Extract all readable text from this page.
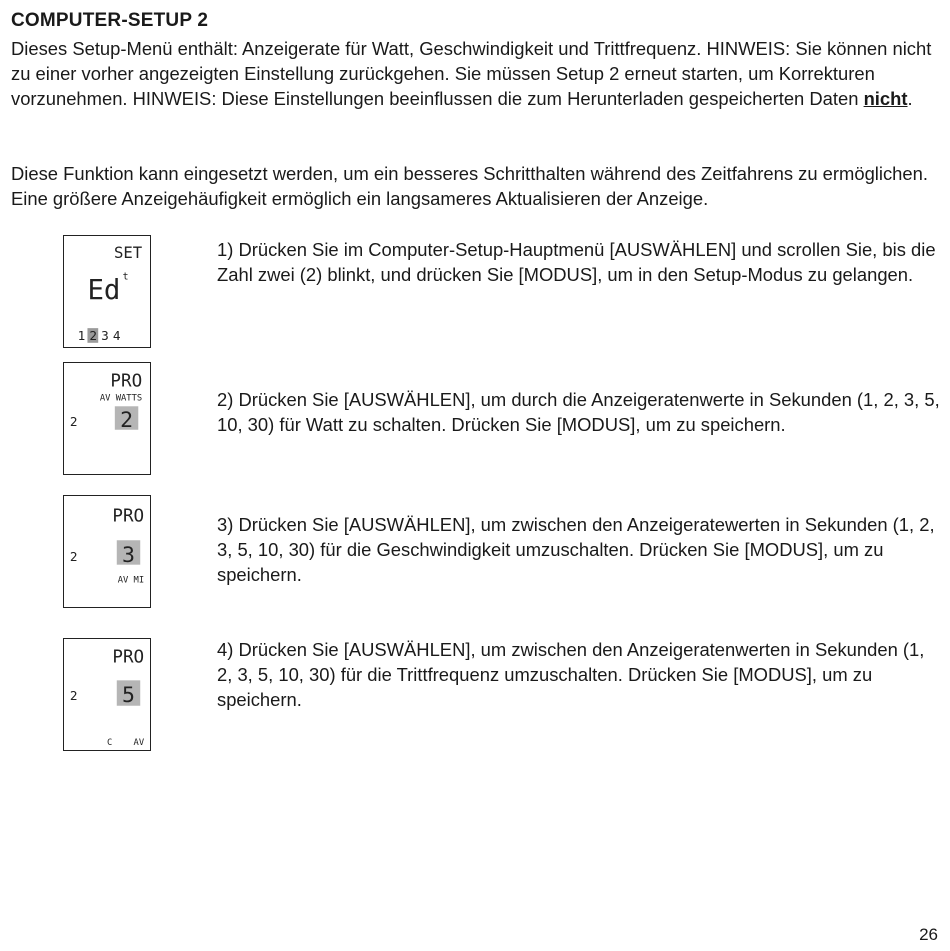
COMPUTER-SETUP 2

Dieses Setup-Menü enthält: Anzeigerate für Watt, Geschwindigkeit und Trittfrequenz. HINWEIS: Sie können nicht zu einer vorher angezeigten Einstellung zurückgehen. Sie müssen Setup 2 erneut starten, um Korrekturen vorzunehmen. HINWEIS: Diese Einstellungen beeinflussen die zum Herunterladen gespeicherten Daten nicht.

Diese Funktion kann eingesetzt werden, um ein besseres Schritthalten während des Zeitfahrens zu ermöglichen. Eine größere Anzeigehäufigkeit ermöglich ein langsameres Aktualisieren der Anzeige.

SET
Ed t
1 2 3 4

1) Drücken Sie im Computer-Setup-Hauptmenü [AUSWÄHLEN] und scrollen Sie, bis die Zahl zwei (2) blinkt, und drücken Sie [MODUS], um in den Setup-Modus zu gelangen.

PRO
AV WATTS
2 2

2) Drücken Sie [AUSWÄHLEN], um durch die Anzeigeratenwerte in Sekunden (1, 2, 3, 5, 10, 30) für Watt zu schalten. Drücken Sie [MODUS], um zu speichern.

PRO
2 3
AV MI

3) Drücken Sie [AUSWÄHLEN], um zwischen den Anzeigeratewerten in Sekunden (1, 2, 3, 5, 10, 30) für die Geschwindigkeit umzuschalten. Drücken Sie [MODUS], um zu speichern.

PRO
2 5
C AV

4) Drücken Sie [AUSWÄHLEN], um zwischen den Anzeigeratenwerten in Sekunden (1, 2, 3, 5, 10, 30) für die Trittfrequenz umzuschalten. Drücken Sie [MODUS], um zu speichern.

26
